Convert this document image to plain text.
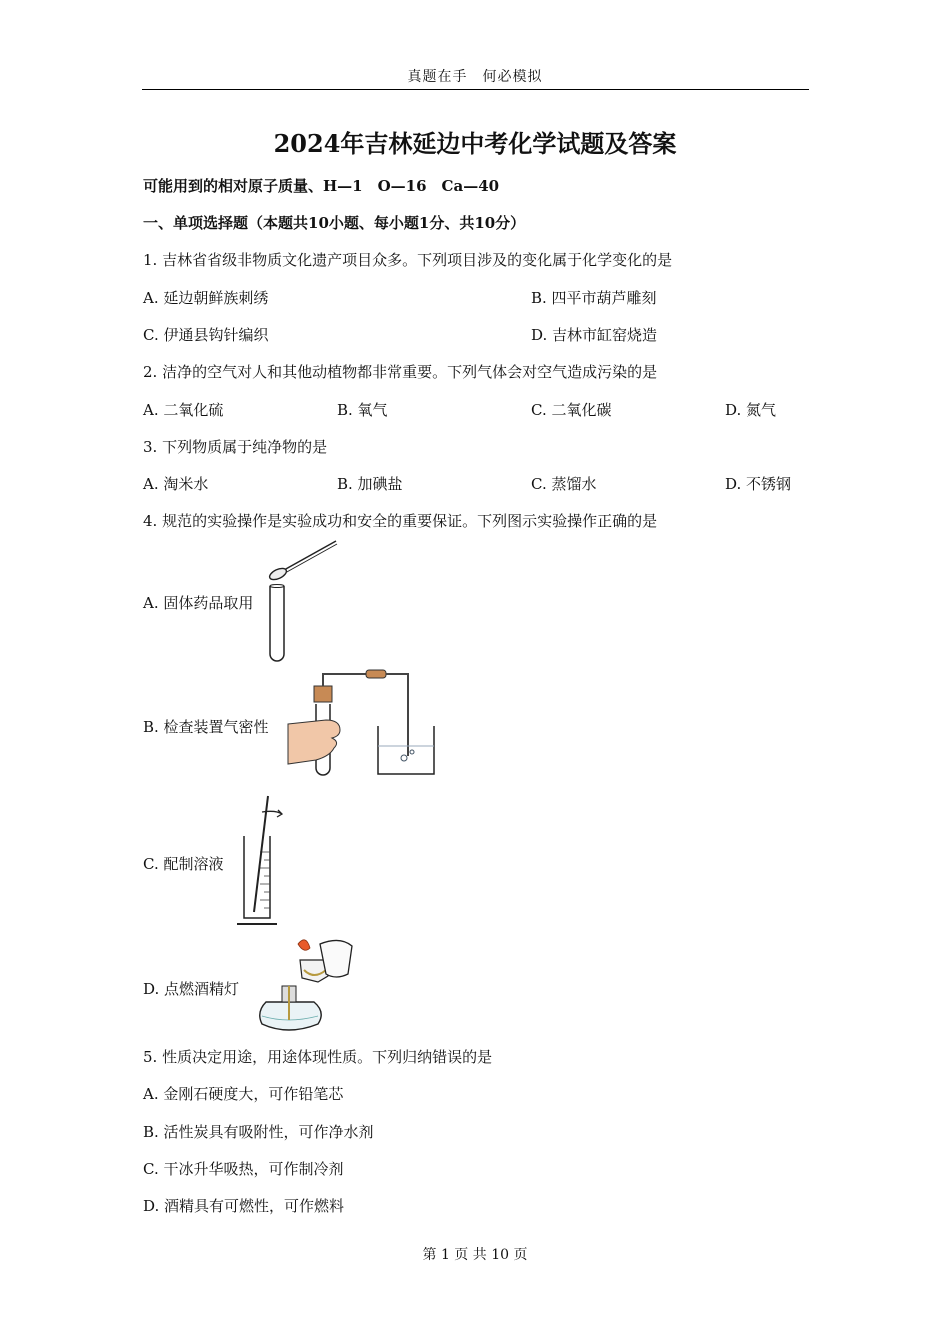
真题在手　何必模拟
2024年吉林延边中考化学试题及答案
可能用到的相对原子质量、H—1　O—16　Ca—40
一、单项选择题（本题共10小题、每小题1分、共10分）
1. 吉林省省级非物质文化遗产项目众多。下列项目涉及的变化属于化学变化的是
A. 延边朝鲜族刺绣	B. 四平市葫芦雕刻
C. 伊通县钩针编织	D. 吉林市缸窑烧造
2. 洁净的空气对人和其他动植物都非常重要。下列气体会对空气造成污染的是
A. 二氧化硫	B. 氧气	C. 二氧化碳	D. 氮气
3. 下列物质属于纯净物的是
A. 淘米水	B. 加碘盐	C. 蒸馏水	D. 不锈钢
4. 规范的实验操作是实验成功和安全的重要保证。下列图示实验操作正确的是
A. 固体药品取用
B. 检查装置气密性
C. 配制溶液
D. 点燃酒精灯
5. 性质决定用途，用途体现性质。下列归纳错误的是
A. 金刚石硬度大，可作铅笔芯
B. 活性炭具有吸附性，可作净水剂
C. 干冰升华吸热，可作制冷剂
D. 酒精具有可燃性，可作燃料
第 1 页 共 10 页
